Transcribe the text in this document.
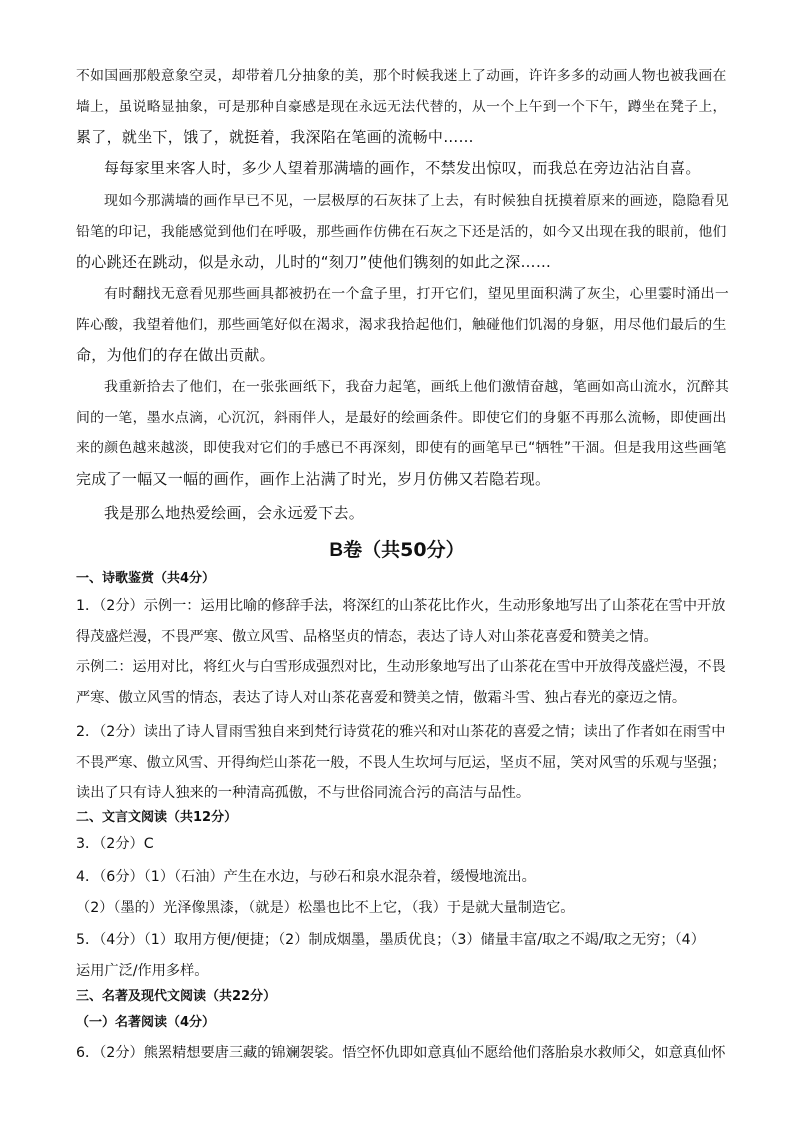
不如国画那般意象空灵，却带着几分抽象的美，那个时候我迷上了动画，许许多多的动画人物也被我画在
墙上，虽说略显抽象，可是那种自豪感是现在永远无法代替的，从一个上午到一个下午，蹲坐在凳子上，
累了，就坐下，饿了，就挺着，我深陷在笔画的流畅中……
每每家里来客人时，多少人望着那满墙的画作，不禁发出惊叹，而我总在旁边沾沾自喜。
现如今那满墙的画作早已不见，一层极厚的石灰抹了上去，有时候独自抚摸着原来的画迹，隐隐看见
铅笔的印记，我能感觉到他们在呼吸，那些画作仿佛在石灰之下还是活的，如今又出现在我的眼前，他们
的心跳还在跳动，似是永动，儿时的“刻刀”使他们镌刻的如此之深……
有时翻找无意看见那些画具都被扔在一个盒子里，打开它们，望见里面积满了灰尘，心里霎时涌出一
阵心酸，我望着他们，那些画笔好似在渴求，渴求我拾起他们，触碰他们饥渴的身躯，用尽他们最后的生
命，为他们的存在做出贡献。
我重新拾去了他们，在一张张画纸下，我奋力起笔，画纸上他们激情奋越，笔画如高山流水，沉醉其
间的一笔，墨水点滴，心沉沉，斜雨伴人，是最好的绘画条件。即使它们的身躯不再那么流畅，即使画出
来的颜色越来越淡，即使我对它们的手感已不再深刻，即使有的画笔早已“牺牲”干涸。但是我用这些画笔
完成了一幅又一幅的画作，画作上沾满了时光，岁月仿佛又若隐若现。
我是那么地热爱绘画，会永远爱下去。
B卷（共50分）
一、诗歌鉴赏（共4分）
1．（2分）示例一：运用比喻的修辞手法，将深红的山茶花比作火，生动形象地写出了山茶花在雪中开放
得茂盛烂漫，不畏严寒、傲立风雪、品格坚贞的情态，表达了诗人对山茶花喜爱和赞美之情。
示例二：运用对比，将红火与白雪形成强烈对比，生动形象地写出了山茶花在雪中开放得茂盛烂漫，不畏
严寒、傲立风雪的情态，表达了诗人对山茶花喜爱和赞美之情，傲霜斗雪、独占春光的豪迈之情。
2．（2分）读出了诗人冒雨雪独自来到梵行诗赏花的雅兴和对山茶花的喜爱之情；读出了作者如在雨雪中
不畏严寒、傲立风雪、开得绚烂山茶花一般，不畏人生坎坷与厄运，坚贞不屈，笑对风雪的乐观与坚强；
读出了只有诗人独来的一种清高孤傲，不与世俗同流合污的高洁与品性。
二、文言文阅读（共12分）
3．（2分）C
4．（6分）（1）（石油）产生在水边，与砂石和泉水混杂着，缓慢地流出。
（2）（墨的）光泽像黑漆，（就是）松墨也比不上它，（我）于是就大量制造它。
5．（4分）（1）取用方便/便捷；（2）制成烟墨，墨质优良；（3）储量丰富/取之不竭/取之无穷；（4）
运用广泛/作用多样。
三、名著及现代文阅读（共22分）
（一）名著阅读（4分）
6．（2分）熊罴精想要唐三藏的锦斓袈裟。悟空怀仇即如意真仙不愿给他们落胎泉水救师父，如意真仙怀
